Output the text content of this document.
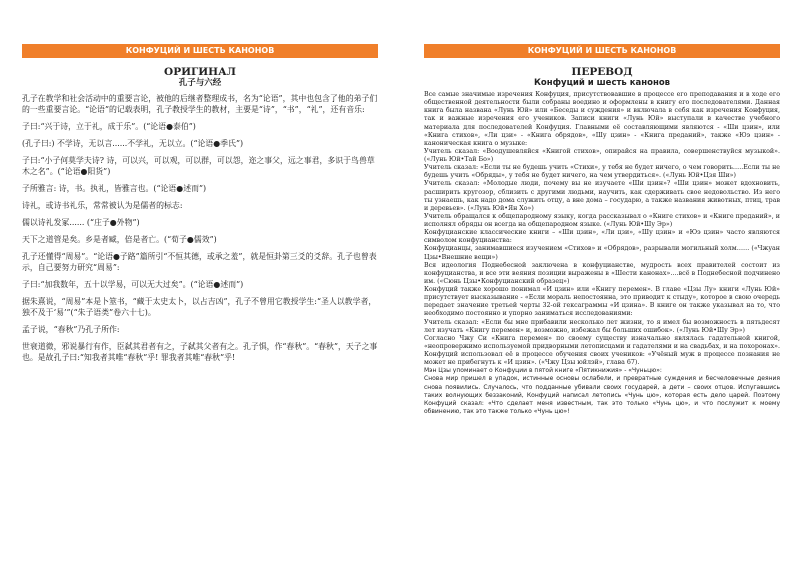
КОНФУЦИЙ И ШЕСТЬ КАНОНОВ

ОРИГИНАЛ

孔子与六经

孔子在教学和社会活动中的重要言论，被他的后继者整理成书，名为“论语”，其中也包含了他的弟子们的一些重要言论。“论语”的记载表明，孔子教授学生的教材，主要是“诗”，“书”，“礼”，还有音乐:

子曰:“兴于诗，立于礼，成于乐”。(“论语●泰伯”)

(孔子曰:) 不学诗，无以言......不学礼，无以立。(“论语●季氏”)

子曰:“小子何莫学夫诗? 诗，可以兴，可以观，可以群，可以怨，迩之事父，远之事君，多识于鸟兽草木之名”。(“论语●阳货”)

子所雅言: 诗，书。执礼，皆雅言也。(“论语●述而”)

诗礼，或诗书礼乐，常常被认为是儒者的标志:

儒以诗礼发冢...... (“庄子●外物”)

天下之道管是矣。乡是者臧，倍是者亡。(“荀子●儒效”)

孔子还懂得“周易”。“论语●子路”篇所引“不恒其德，或承之羞”，就是恒卦第三爻的爻辞。孔子也曾表示，自己要努力研究“周易”:

子曰:“加我数年，五十以学易，可以无大过矣”。(“论语●述而”)

据朱熹说，“周易”本是卜筮书，“藏于太史太卜，以占吉凶”，孔子不曾用它教授学生:“圣人以教学者，独不及于‘易’”(“朱子语类”卷六十七)。

孟子说，“春秋”乃孔子所作:

世衰道微，邪说暴行有作，臣弑其君者有之，子弑其父者有之。孔子惧，作“春秋”。“春秋”，天子之事也。是故孔子曰:“知我者其唯“春秋”乎! 罪我者其唯“春秋”乎!

КОНФУЦИЙ И ШЕСТЬ КАНОНОВ

ПЕРЕВОД

Конфуций и шесть канонов

Все самые значимые изречения Конфуция, присутствовавшие в процессе его преподавания и в ходе его общественной деятельности были собраны воедино и оформлены в книгу его последователями. Данная книга была названа «Лунь Юй» или «Беседы и суждения» и включала в себя как изречения Конфуция, так и важные изречения его учеников. Записи книги «Лунь Юй» выступали в качестве учебного материала для последователей Конфуция. Главными её составляющими являются - «Ши цзин», или «Книга стихов», «Ли цзи» - «Книга обрядов», «Шу цзин» - «Книга преданий», также «Юэ цзин» - каноническая книга о музыке:

Учитель сказал: «Воодушевляйся «Книгой стихов», опирайся на правила, совершенствуйся музыкой». («Лунь Юй•Тай Бо»)

Учитель сказал: «Если ты не будешь учить «Стихи», у тебя не будет ничего, о чем говорить…..Если ты не будешь учить «Обряды», у тебя не будет ничего, на чем утвердиться». («Лунь Юй•Цзя Ши»)

Учитель сказал: «Молодые люди, почему вы не изучаете «Ши цзин»? «Ши цзин» может вдохновить, расширить кругозор, сблизить с другими людьми, научить, как сдерживать свое недовольство. Из него ты узнаешь, как надо дома служить отцу, а вне дома – государю, а также названия животных, птиц, трав и деревьев». («Лунь Юй•Ян Хо»)

Учитель обращался к общепародному языку, когда рассказывал о «Книге стихов» и «Книге преданий», и исполнял обряды он всегда на общепародном языке. («Лунь Юй•Шу Эр»)

Конфуцианские классические книги – «Ши цзин», «Ли цзи», «Шу цзин» и «Юэ цзин» часто являются символом конфуцианства:

Конфуцианцы, занимавшиеся изучением «Стихов» и «Обрядов», разрывали могильный холм…… («Чжуан Цзы•Внешние вещи»)

Вся идеология Поднебесной заключена в конфуцианстве, мудрость всех правителей состоит из конфуцианства, и все эти веяния позиции выражены в «Шести канонах»….всё в Поднебесной подчинено им. («Сюнь Цзы•Конфуцианский образец»)

Конфуций также хорошо понимал «И цзин» или «Книгу перемен». В главе «Цзы Лу» книги «Лунь Юй» присутствует высказывание - «Если мораль непостоянна, это приводит к стыду», которое в свою очередь передает значение третьей черты 32-ой гексаграммы «И цзина». В книге он также указывал на то, что необходимо постоянно и упорно заниматься исследованиями:

Учитель сказал: «Если бы мне прибавили несколько лет жизни, то я имел бы возможность в пятьдесят лет изучать «Книгу перемен» и, возможно, избежал бы больших ошибок». («Лунь Юй•Шу Эр»)

Согласно Чжу Си «Книга перемен» по своему существу изначально являлась гадательной книгой, «неопровержимо используемой придворными летописцами и гадателями и на свадьбах, и на похоронах». Конфуций использовал её в процессе обучения своих учеников: «Учёный муж в процессе познания не может не прибегнуть к «И цзин». («Чжу Цзы юйлэй», глава 67).

Мэн Цзы упоминает о Конфуции в пятой книге «Пятикнижия» - «Чуньцю»:

Снова мир пришел в упадок, истинные основы ослабели, и превратные суждения и бесчеловечные деяния снова появились. Случалось, что подданные убивали своих государей, а дети – своих отцов. Испугавшись таких волнующих беззаконий, Конфуций написал летопись «Чунь цю», которая есть дело царей. Поэтому Конфуций сказал: «Что сделает меня известным, так это только «Чунь цю», и что послужит к моему обвинению, так это также только «Чунь цю»!
